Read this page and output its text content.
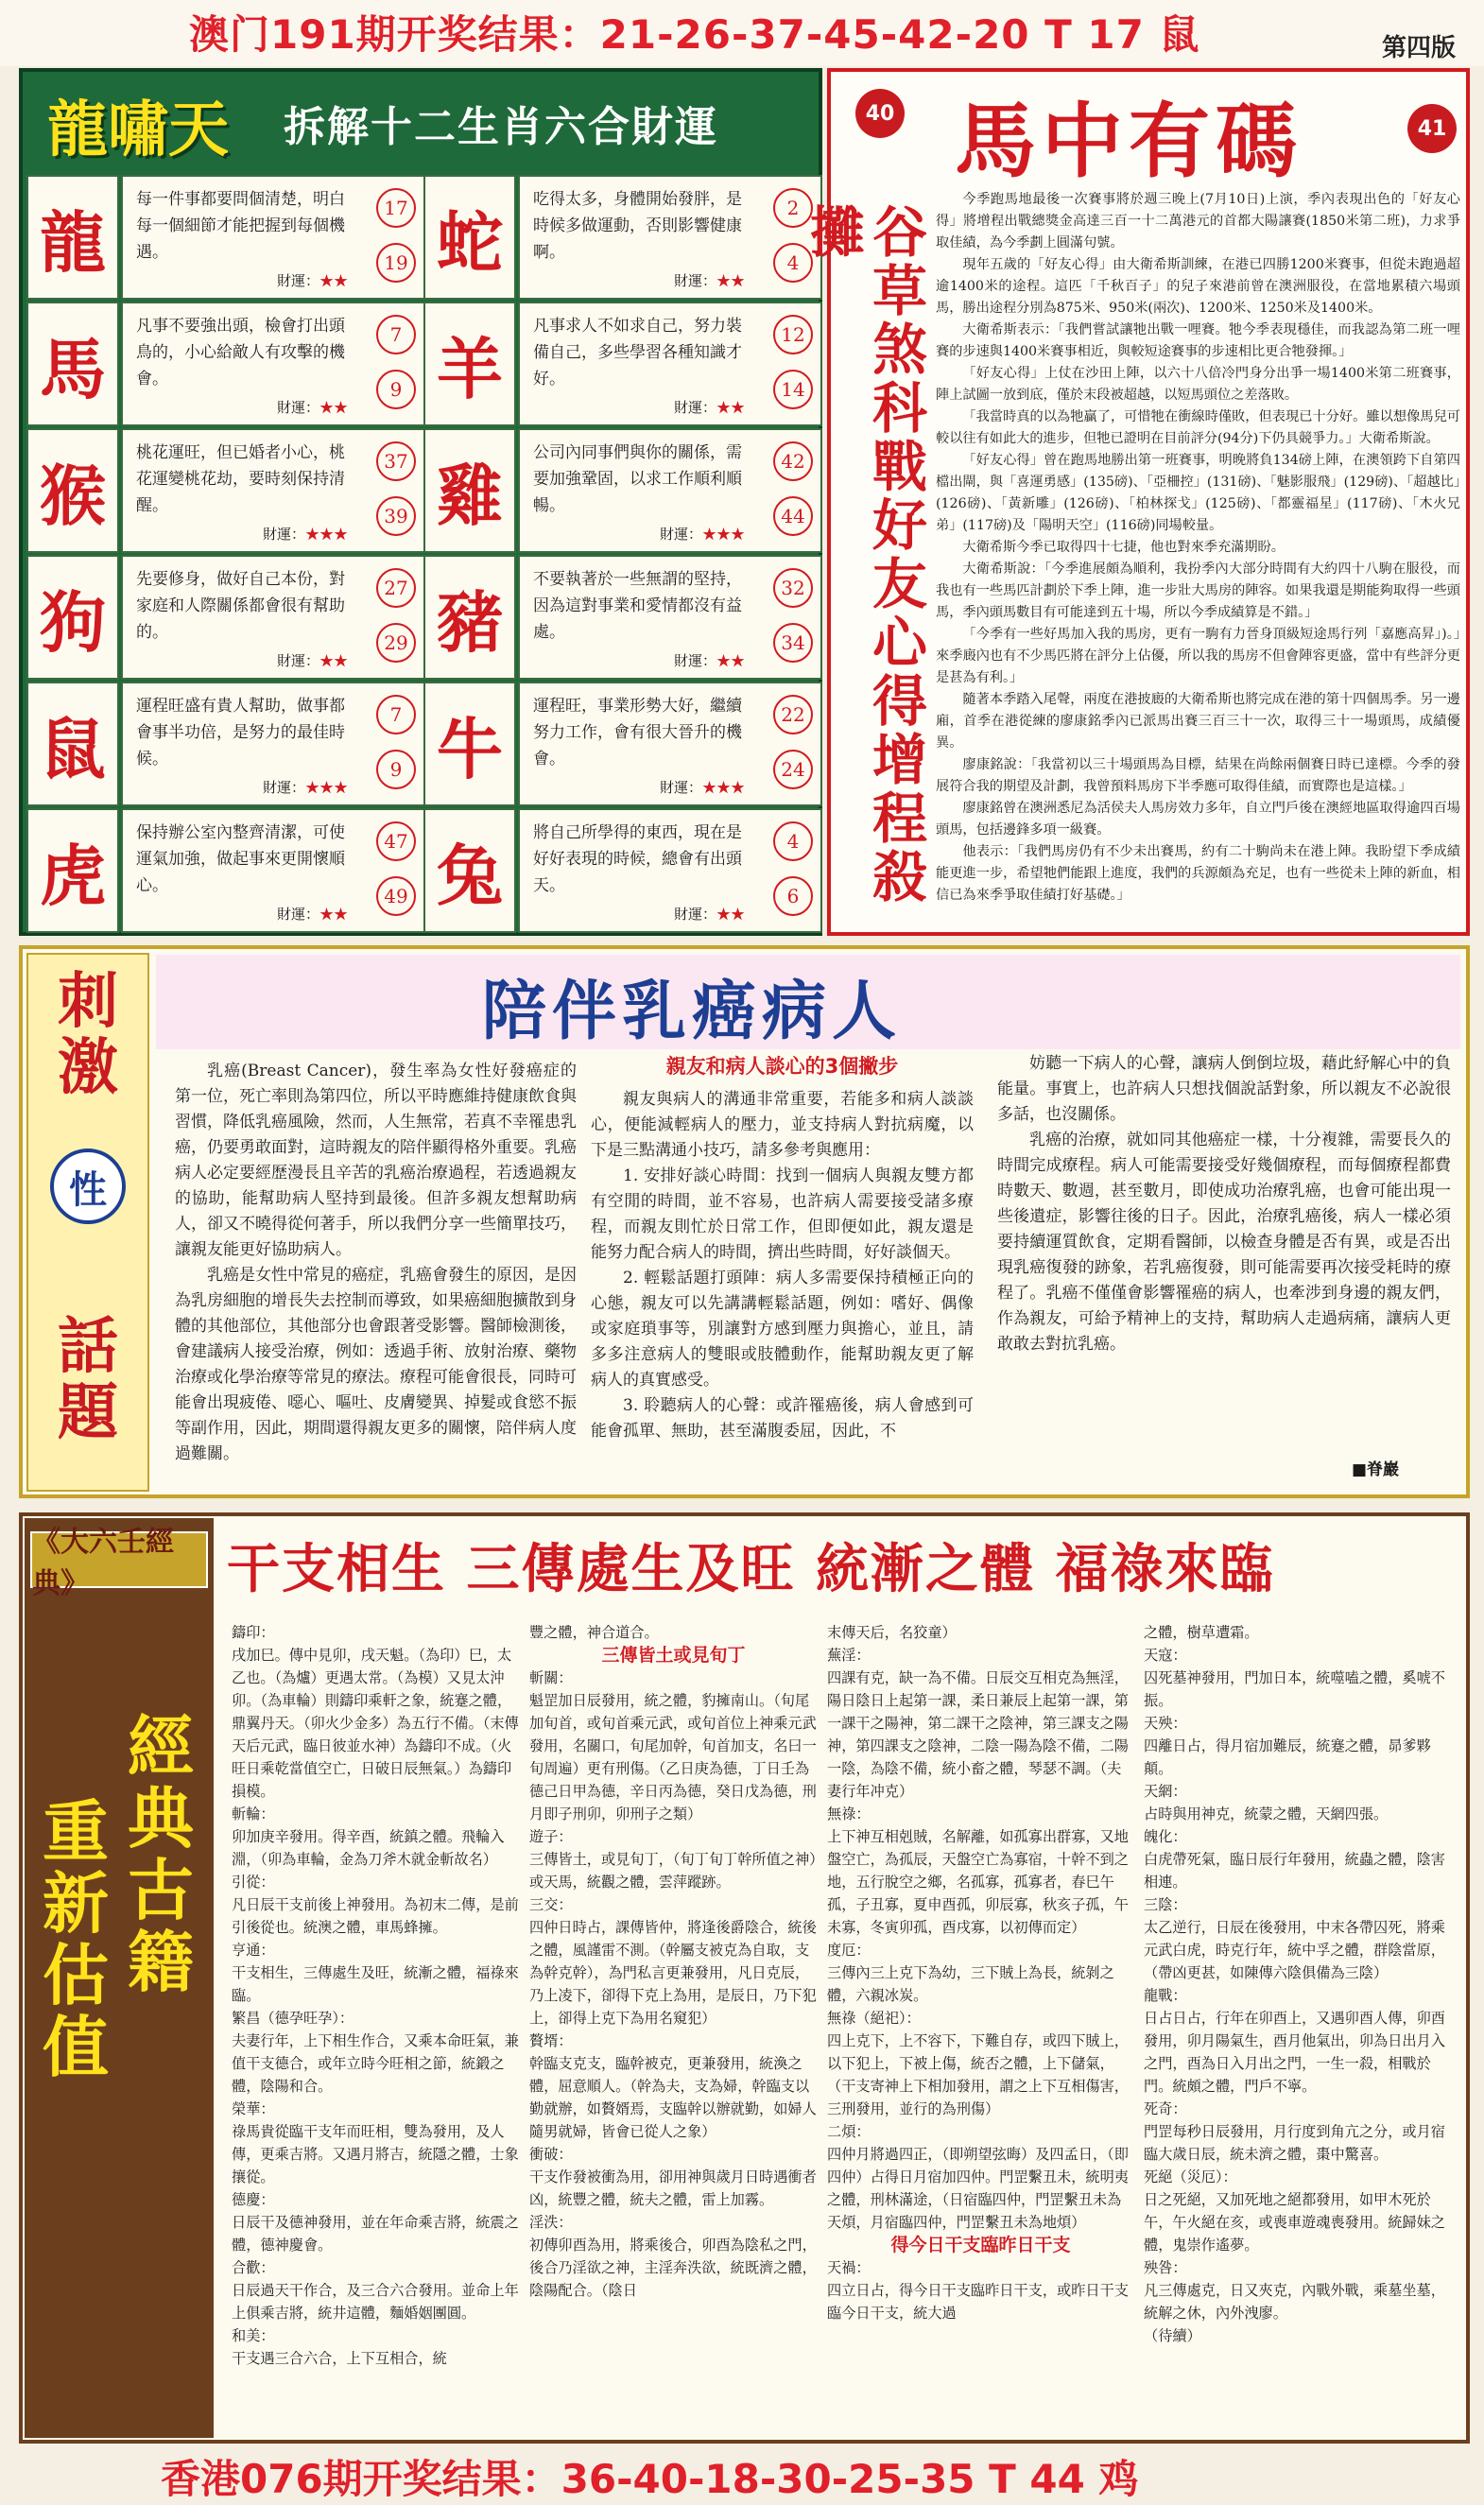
澳门191期开奖结果：21-26-37-45-42-20 T 17 鼠	第四版
龍嘯天 拆解十二生肖六合財運
龍
每一件事都要問個清楚，明白每一個細節才能把握到每個機遇。
財運：★★
17
19 蛇
吃得太多，身體開始發胖，是時候多做運動，否則影響健康啊。
財運：★★
2
4
馬
凡事不要強出頭，檢會打出頭鳥的，小心給敵人有攻擊的機會。
財運：★★
7
9 羊
凡事求人不如求自己，努力裝備自己，多些學習各種知識才好。
財運：★★
12
14
猴
桃花運旺，但已婚者小心，桃花運變桃花劫，要時刻保持清醒。
財運：★★★
37
39 雞
公司內同事們與你的關係，需要加強鞏固，以求工作順利順暢。
財運：★★★
42
44
狗
先要修身，做好自己本份，對家庭和人際關係都會很有幫助的。
財運：★★
27
29 豬
不要執著於一些無謂的堅持，因為這對事業和愛情都沒有益處。
財運：★★
32
34
鼠
運程旺盛有貴人幫助，做事都會事半功倍，是努力的最佳時候。
財運：★★★
7
9 牛
運程旺，事業形勢大好，繼續努力工作，會有很大晉升的機會。
財運：★★★
22
24
虎
保持辦公室內整齊清潔，可使運氣加強，做起事來更開懷順心。
財運：★★
47
49 兔
將自己所學得的東西，現在是好好表現的時候，總會有出頭天。
財運：★★
4
6
40 馬中有碼	41
谷草煞科戰好友心得增程殺攤

今季跑馬地最後一次賽事將於週三晚上(7月10日)上演，季內表現出色的「好友心得」將增程出戰總獎金高達三百一十二萬港元的首都大陽讓賽(1850米第二班)，力求爭取佳績，為今季劃上圓滿句號。

現年五歲的「好友心得」由大衛希斯訓練，在港已四勝1200米賽事，但從未跑過超逾1400米的途程。這匹「千秋百子」的兒子來港前曾在澳洲服役，在當地累積六場頭馬，勝出途程分別為875米、950米(兩次)、1200米、1250米及1400米。

大衛希斯表示：「我們嘗試讓牠出戰一哩賽。牠今季表現穩佳，而我認為第二班一哩賽的步速與1400米賽事相近，與較短途賽事的步速相比更合牠發揮。」

「好友心得」上仗在沙田上陣，以六十八倍冷門身分出爭一場1400米第二班賽事，陣上試圖一放到底，僅於末段被超越，以短馬頭位之差落敗。

「我當時真的以為牠贏了，可惜牠在衝線時僅敗，但表現已十分好。雖以想像馬兒可較以往有如此大的進步，但牠已證明在目前評分(94分)下仍具競爭力。」大衛希斯說。

「好友心得」曾在跑馬地勝出第一班賽事，明晚將負134磅上陣，在澳領跨下自第四檔出閘，與「喜運勇感」(135磅)、「亞柵控」(131磅)、「魅影服飛」(129磅)、「超越比」(126磅)、「黃新雕」(126磅)、「柏林探戈」(125磅)、「都靈福星」(117磅)、「木火兄弟」(117磅)及「陽明天空」(116磅)同場較量。

大衛希斯今季已取得四十七捷，他也對來季充滿期盼。

大衛希斯說：「今季進展頗為順利，我扮季內大部分時間有大約四十八駒在服役，而我也有一些馬匹計劃於下季上陣，進一步壯大馬房的陣容。如果我還是期能夠取得一些頭馬，季內頭馬數目有可能達到五十場，所以今季成績算是不錯。」

「今季有一些好馬加入我的馬房，更有一駒有力晉身頂級短途馬行列「嘉應高昇」)。」來季廄內也有不少馬匹將在評分上佔優，所以我的馬房不但會陣容更盛，當中有些評分更是甚為有利。」

隨著本季踏入尾聲，兩度在港披廄的大衛希斯也將完成在港的第十四個馬季。另一邊廂，首季在港從練的廖康銘季內已派馬出賽三百三十一次，取得三十一場頭馬，成績優異。

廖康銘說：「我當初以三十場頭馬為目標，結果在尚餘兩個賽日時已達標。今季的發展符合我的期望及計劃，我曾預料馬房下半季應可取得佳績，而實際也是這樣。」

廖康銘曾在澳洲悉尼為活侯夫人馬房效力多年，自立門戶後在澳經地區取得逾四百場頭馬，包括邊鋒多項一級賽。

他表示：「我們馬房仍有不少未出賽馬，約有二十駒尚未在港上陣。我盼望下季成績能更進一步，希望牠們能跟上進度，我們的兵源頗為充足，也有一些從未上陣的新血，相信已為來季爭取佳績打好基礎。」

刺
激
性
話
題
陪伴乳癌病人

乳癌(Breast Cancer)，發生率為女性好發癌症的第一位，死亡率則為第四位，所以平時應維持健康飲食與習慣，降低乳癌風險，然而，人生無常，若真不幸罹患乳癌，仍要勇敢面對，這時親友的陪伴顯得格外重要。乳癌病人必定要經歷漫長且辛苦的乳癌治療過程，若透過親友的協助，能幫助病人堅持到最後。但許多親友想幫助病人，卻又不曉得從何著手，所以我們分享一些簡單技巧，讓親友能更好協助病人。

乳癌是女性中常見的癌症，乳癌會發生的原因，是因為乳房細胞的增長失去控制而導致，如果癌細胞擴散到身體的其他部位，其他部分也會跟著受影響。醫師檢測後，會建議病人接受治療，例如：透過手術、放射治療、藥物治療或化學治療等常見的療法。療程可能會很長，同時可能會出現疲倦、噁心、嘔吐、皮膚變異、掉髮或食慾不振等副作用，因此，期間還得親友更多的關懷，陪伴病人度過難關。

親友和病人談心的3個撇步

親友與病人的溝通非常重要，若能多和病人談談心，便能減輕病人的壓力，並支持病人對抗病魔，以下是三點溝通小技巧，請多參考與應用：

1. 安排好談心時間：找到一個病人與親友雙方都有空閒的時間，並不容易，也許病人需要接受諸多療程，而親友則忙於日常工作，但即便如此，親友還是能努力配合病人的時間，擠出些時間，好好談個天。

2. 輕鬆話題打頭陣：病人多需要保持積極正向的心態，親友可以先講講輕鬆話題，例如：嗜好、偶像或家庭瑣事等，別讓對方感到壓力與擔心，並且，請多多注意病人的雙眼或肢體動作，能幫助親友更了解病人的真實感受。

3. 聆聽病人的心聲：或許罹癌後，病人會感到可能會孤單、無助，甚至滿腹委屈，因此，不

妨聽一下病人的心聲，讓病人倒倒垃圾，藉此紓解心中的負能量。事實上，也許病人只想找個說話對象，所以親友不必說很多話，也沒關係。

乳癌的治療，就如同其他癌症一樣，十分複雜，需要長久的時間完成療程。病人可能需要接受好幾個療程，而每個療程都費時數天、數週，甚至數月，即使成功治療乳癌，也會可能出現一些後遺症，影響往後的日子。因此，治療乳癌後，病人一樣必須要持續運質飲食，定期看醫師，以檢查身體是否有異，或是否出現乳癌復發的跡象，若乳癌復發，則可能需要再次接受耗時的療程了。乳癌不僅僅會影響罹癌的病人，也牽涉到身邊的親友們，作為親友，可給予精神上的支持，幫助病人走過病痛，讓病人更敢敢去對抗乳癌。

■脊巖
《大六壬經典》
經
典
古
籍
重
新
估
值
干支相生 三傳處生及旺 統漸之體 福祿來臨

鑄印：

戌加巳。傳中見卯，戌天魁。（為印）巳，太乙也。（為爐）更遇太常。（為模）又見太沖卯。（為車輪）則鑄印乘軒之象，統蹇之體，鼎翼丹天。（卯火少金多）為五行不備。（末傳天后元武，臨日彼並水神）為鑄印不成。（火旺日乘乾當值空亡，日破日辰無氣。）為鑄印損模。

斬輪：

卯加庚辛發用。得辛酉，統鎮之體。飛輪入淵，（卯為車輪，金為刀斧木就金斬故名）

引從：

凡日辰干支前後上神發用。為初末二傳，是前引後從也。統澳之體，車馬蜂擁。

亨通：

干支相生，三傳處生及旺，統漸之體，福祿來臨。

繁昌（德孕旺孕）：

夫妻行年，上下相生作合，又乘本命旺氣，兼值干支德合，或年立時今旺相之節，統鍛之體，陰陽和合。

榮華：

祿馬貴從臨干支年而旺相，雙為發用，及人傳，更乘吉將。又遇月將吉，統隱之體，士象攘從。

德慶：

日辰干及德神發用，並在年命乘吉將，統震之體，德神慶會。

合歡：

日辰過天干作合，及三合六合發用。並命上年上俱乘吉將，統井這體，麵婚姻團圓。

和美：

干支遇三合六合，上下互相合，統

豐之體，神合道合。

三傳皆土或見旬丁

斬關：

魁罡加日辰發用，統之體，豹擁南山。（旬尾加旬首，或旬首乘元武，或旬首位上神乘元武發用，名關口，旬尾加幹，旬首加支，名曰一旬周遍）更有刑傷。（乙日庚為德，丁日壬為德己日甲為德，辛日丙為德，癸日戊為德，刑月即子刑卯，卯刑子之類）

遊子：

三傳皆土，或見旬丁，（旬丁旬丁幹所值之神）或天馬，統觀之體，雲萍蹤跡。

三交：

四仲日時占，課傳皆仲，將逢後爵陰合，統後之體，風謹雷不測。（幹屬支被克為自取，支為幹克幹），為門私言更兼發用，凡日克辰，乃上凌下，卻得下克上為用，是辰日，乃下犯上，卻得上克下為用名窺犯）

贅壻：

幹臨支克支，臨幹被克，更兼發用，統渙之體，屈意順人。（幹為夫，支為婦，幹臨支以勤就辦，如贅婿焉，支臨幹以辦就勤，如婦人隨男就婦，皆會已從人之象）

衝破：

干支作發被衝為用，卻用神與歲月日時遇衝者凶，統豐之體，統夫之體，雷上加霧。

淫泆：

初傳卯酉為用，將乘後合，卯酉為陰私之門，後合乃淫欲之神，主淫奔泆欲，統既濟之體，陰陽配合。（陰日

末傳天后，名狡童）

蕪淫：

四課有克，缺一為不備。日辰交互相克為無淫，陽日陰日上起第一課，柔日兼辰上起第一課，第一課干之陽神，第二課干之陰神，第三課支之陽神，第四課支之陰神，二陰一陽為陰不備，二陽一陰，為陰不備，統小畜之體，琴瑟不調。（夫妻行年冲克）

無祿：

上下神互相剋賊，名解離，如孤寡出群寡，又地盤空亡，為孤辰，天盤空亡為寡宿，十幹不到之地，五行脫空之鄉，名孤寡，孤寡者，春巳午孤，子丑寡，夏申酉孤，卯辰寡，秋亥子孤，午未寡，冬寅卯孤，酉戌寡，以初傳而定）

度厄：

三傳內三上克下為幼，三下賊上為長，統剝之體，六親冰炭。

無祿（絕祀）：

四上克下，上不容下，下難自存，或四下賊上，以下犯上，下被上傷，統否之體，上下儲氣，（干支寄神上下相加發用，謂之上下互相傷害，三刑發用，並行的為刑傷）

二煩：

四仲月將過四正，（即朔望弦晦）及四孟日，（即四仲）占得日月宿加四仲。門罡繫丑未，統明夷之體，刑林滿途，（日宿臨四仲，門罡繫丑未為天煩，月宿臨四仲，門罡繫丑未為地煩）

得今日干支臨昨日干支

天禍：

四立日占，得今日干支臨昨日干支，或昨日干支臨今日干支，統大過

之體，樹草遭霜。

天寇：

囚死墓神發用，門加日本，統噬嗑之體，奚唬不振。

天殃：

四離日占，得月宿加難辰，統蹇之體，昴爹夥顛。

天網：

占時與用神克，統蒙之體，天網四張。

魄化：

白虎帶死氣，臨日辰行年發用，統蟲之體，陰害相連。

三陰：

太乙逆行，日辰在後發用，中末各帶囚死，將乘元武白虎，時克行年，統中孚之體，群陰當原，（帶凶更甚，如陳傳六陰俱備為三陰）

龍戰：

日占日占，行年在卯酉上，又遇卯酉人傳，卯酉發用，卯月陽氣生，酉月他氣出，卯為日出月入之門，酉為日入月出之門，一生一殺，相戰於門。統頗之體，門戶不寧。

死奇：

門罡每秒日辰發用，月行度到角亢之分，或月宿臨大歲日辰，統未濟之體，棗中驚喜。

死絕（災厄）：

日之死絕，又加死地之絕都發用，如甲木死於午，午火絕在亥，或喪車遊魂喪發用。統歸妹之體，鬼崇作遙夢。

殃咎：

凡三傳處克，日又夾克，內戰外戰，乘墓坐墓，統解之休，內外洩廖。

（待續）

香港076期开奖结果：36-40-18-30-25-35 T 44 鸡
